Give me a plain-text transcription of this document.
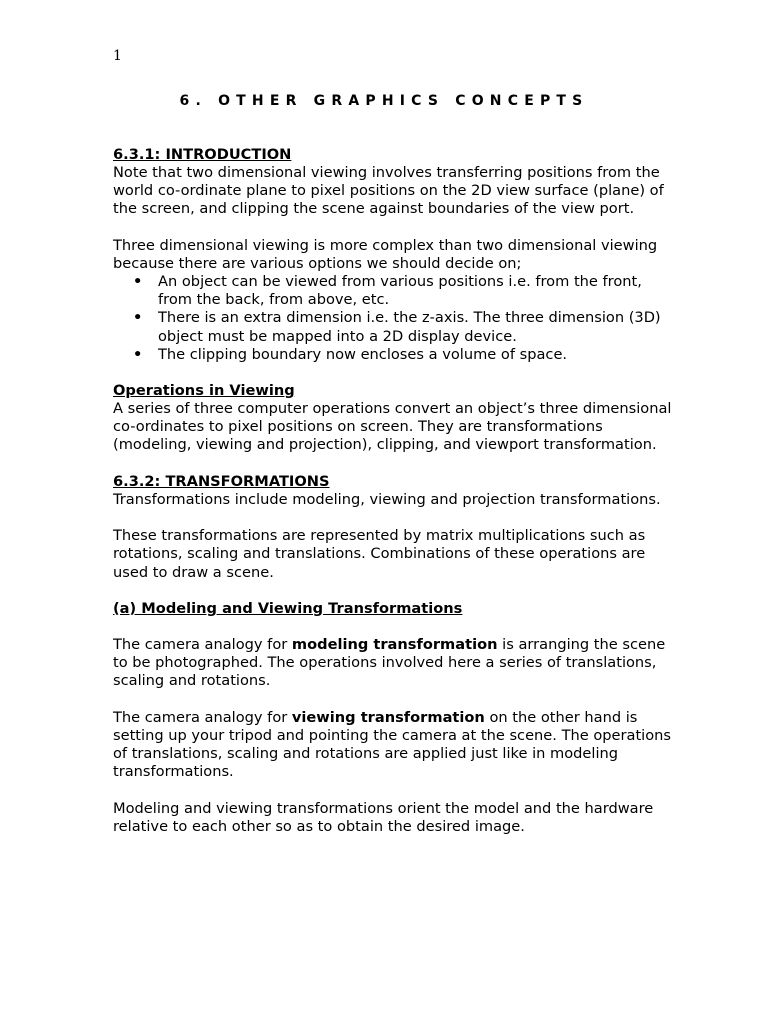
1
6. OTHER GRAPHICS CONCEPTS

6.3.1: INTRODUCTION

Note that two dimensional viewing involves transferring positions from the world co-ordinate plane to pixel positions on the 2D view surface (plane) of the screen, and clipping the scene against boundaries of the view port.

Three dimensional viewing is more complex than two dimensional viewing because there are various options we should decide on;

• An object can be viewed from various positions i.e. from the front, from the back, from above, etc.
• There is an extra dimension i.e. the z-axis. The three dimension (3D) object must be mapped into a 2D display device.
• The clipping boundary now encloses a volume of space.

Operations in Viewing

A series of three computer operations convert an object’s three dimensional co-ordinates to pixel positions on screen. They are transformations (modeling, viewing and projection), clipping, and viewport transformation.

6.3.2: TRANSFORMATIONS

Transformations include modeling, viewing and projection transformations.

These transformations are represented by matrix multiplications such as rotations, scaling and translations. Combinations of these operations are used to draw a scene.

(a) Modeling and Viewing Transformations

The camera analogy for modeling transformation is arranging the scene to be photographed. The operations involved here a series of translations, scaling and rotations.

The camera analogy for viewing transformation on the other hand is setting up your tripod and pointing the camera at the scene. The operations of translations, scaling and rotations are applied just like in modeling transformations.

Modeling and viewing transformations orient the model and the hardware relative to each other so as to obtain the desired image.
